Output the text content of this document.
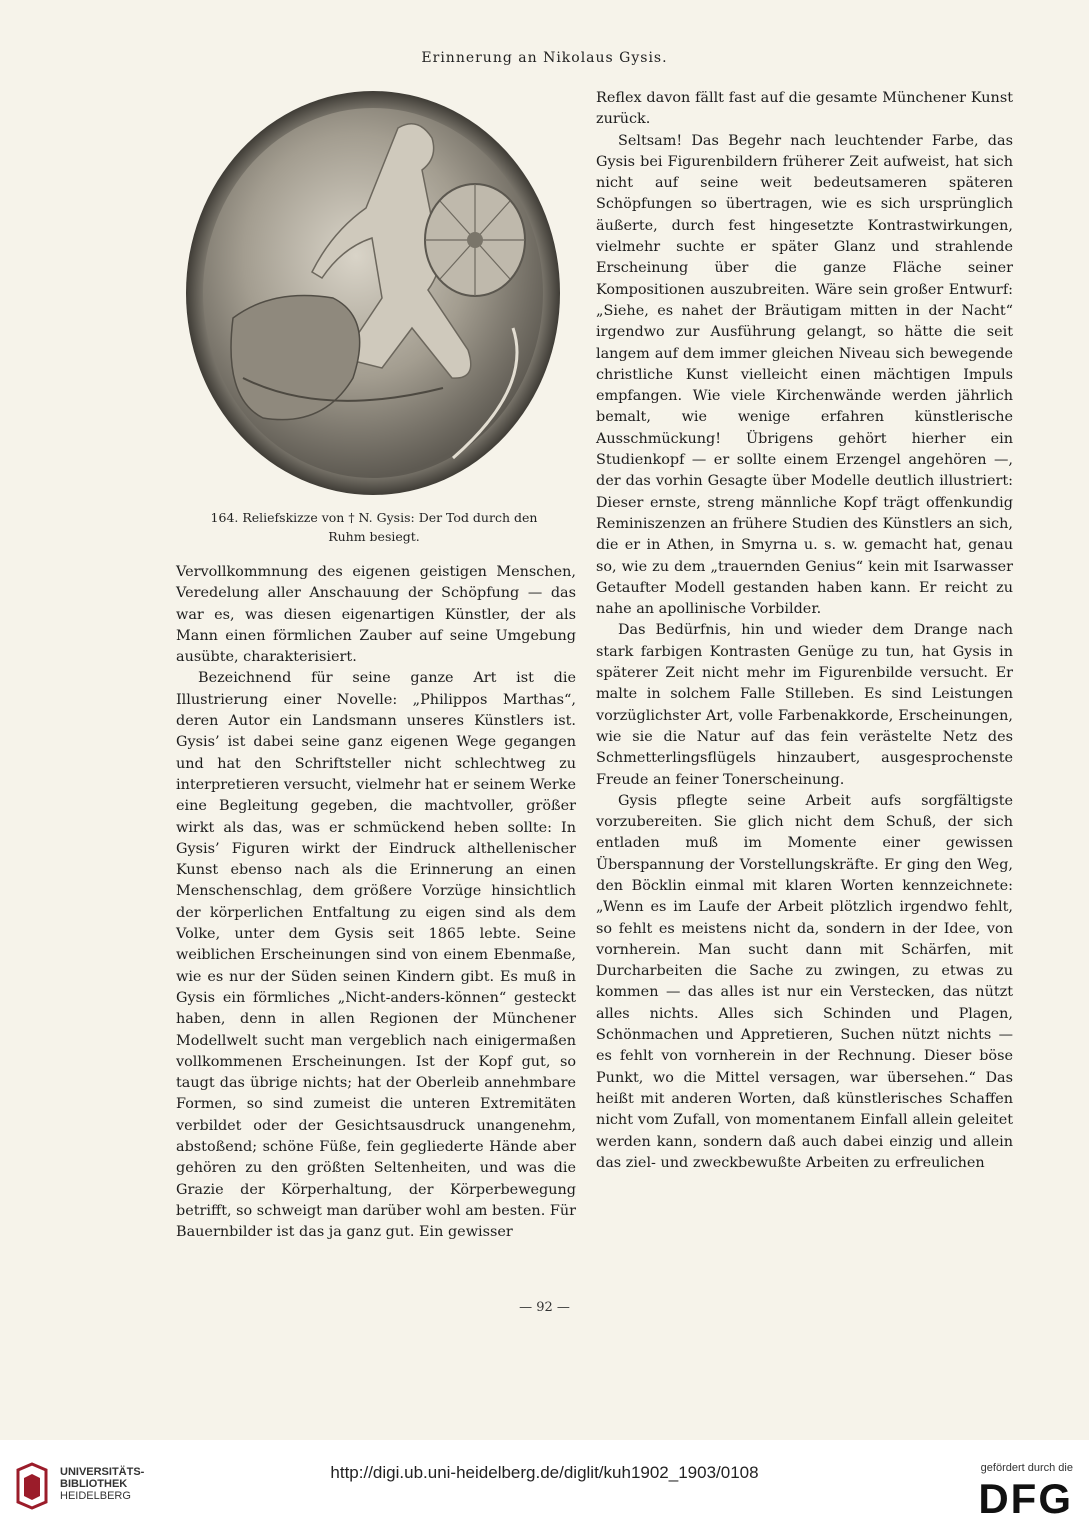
Erinnerung an Nikolaus Gysis.
164. Reliefskizze von † N. Gysis: Der Tod durch den
Ruhm besiegt.

Vervollkommnung des eigenen geistigen Menschen, Veredelung aller Anschauung der Schöpfung — das war es, was diesen eigenartigen Künstler, der als Mann einen förmlichen Zauber auf seine Umgebung ausübte, charakterisiert.

Bezeichnend für seine ganze Art ist die Illustrierung einer Novelle: „Philippos Marthas“, deren Autor ein Landsmann unseres Künstlers ist. Gysis’ ist dabei seine ganz eigenen Wege gegangen und hat den Schriftsteller nicht schlechtweg zu interpretieren versucht, vielmehr hat er seinem Werke eine Begleitung gegeben, die machtvoller, größer wirkt als das, was er schmückend heben sollte: In Gysis’ Figuren wirkt der Eindruck althellenischer Kunst ebenso nach als die Erinnerung an einen Menschenschlag, dem größere Vorzüge hinsichtlich der körperlichen Entfaltung zu eigen sind als dem Volke, unter dem Gysis seit 1865 lebte. Seine weiblichen Erscheinungen sind von einem Ebenmaße, wie es nur der Süden seinen Kindern gibt. Es muß in Gysis ein förmliches „Nicht-anders-können“ gesteckt haben, denn in allen Regionen der Münchener Modellwelt sucht man vergeblich nach einigermaßen vollkommenen Erscheinungen. Ist der Kopf gut, so taugt das übrige nichts; hat der Oberleib annehmbare Formen, so sind zumeist die unteren Extremitäten verbildet oder der Gesichtsausdruck unangenehm, abstoßend; schöne Füße, fein gegliederte Hände aber gehören zu den größten Seltenheiten, und was die Grazie der Körperhaltung, der Körperbewegung betrifft, so schweigt man darüber wohl am besten. Für Bauernbilder ist das ja ganz gut. Ein gewisser

Reflex davon fällt fast auf die gesamte Münchener Kunst zurück.

Seltsam! Das Begehr nach leuchtender Farbe, das Gysis bei Figurenbildern früherer Zeit aufweist, hat sich nicht auf seine weit bedeutsameren späteren Schöpfungen so übertragen, wie es sich ursprünglich äußerte, durch fest hingesetzte Kontrastwirkungen, vielmehr suchte er später Glanz und strahlende Erscheinung über die ganze Fläche seiner Kompositionen auszubreiten. Wäre sein großer Entwurf: „Siehe, es nahet der Bräutigam mitten in der Nacht“ irgendwo zur Ausführung gelangt, so hätte die seit langem auf dem immer gleichen Niveau sich bewegende christliche Kunst vielleicht einen mächtigen Impuls empfangen. Wie viele Kirchenwände werden jährlich bemalt, wie wenige erfahren künstlerische Ausschmückung! Übrigens gehört hierher ein Studienkopf — er sollte einem Erzengel angehören —, der das vorhin Gesagte über Modelle deutlich illustriert: Dieser ernste, streng männliche Kopf trägt offenkundig Reminiszenzen an frühere Studien des Künstlers an sich, die er in Athen, in Smyrna u. s. w. gemacht hat, genau so, wie zu dem „trauernden Genius“ kein mit Isarwasser Getaufter Modell gestanden haben kann. Er reicht zu nahe an apollinische Vorbilder.

Das Bedürfnis, hin und wieder dem Drange nach stark farbigen Kontrasten Genüge zu tun, hat Gysis in späterer Zeit nicht mehr im Figurenbilde versucht. Er malte in solchem Falle Stilleben. Es sind Leistungen vorzüglichster Art, volle Farbenakkorde, Erscheinungen, wie sie die Natur auf das fein verästelte Netz des Schmetterlingsflügels hinzaubert, ausgesprochenste Freude an feiner Tonerscheinung.

Gysis pflegte seine Arbeit aufs sorgfältigste vorzubereiten. Sie glich nicht dem Schuß, der sich entladen muß im Momente einer gewissen Überspannung der Vorstellungskräfte. Er ging den Weg, den Böcklin einmal mit klaren Worten kennzeichnete: „Wenn es im Laufe der Arbeit plötzlich irgendwo fehlt, so fehlt es meistens nicht da, sondern in der Idee, von vornherein. Man sucht dann mit Schärfen, mit Durcharbeiten die Sache zu zwingen, zu etwas zu kommen — das alles ist nur ein Verstecken, das nützt alles nichts. Alles sich Schinden und Plagen, Schönmachen und Appretieren, Suchen nützt nichts — es fehlt von vornherein in der Rechnung. Dieser böse Punkt, wo die Mittel versagen, war übersehen.“ Das heißt mit anderen Worten, daß künstlerisches Schaffen nicht vom Zufall, von momentanem Einfall allein geleitet werden kann, sondern daß auch dabei einzig und allein das ziel- und zweckbewußte Arbeiten zu erfreulichen

— 92 —
UNIVERSITÄTS-
BIBLIOTHEK
HEIDELBERG
http://digi.ub.uni-heidelberg.de/diglit/kuh1902_1903/0108	gefördert durch die
DFG
